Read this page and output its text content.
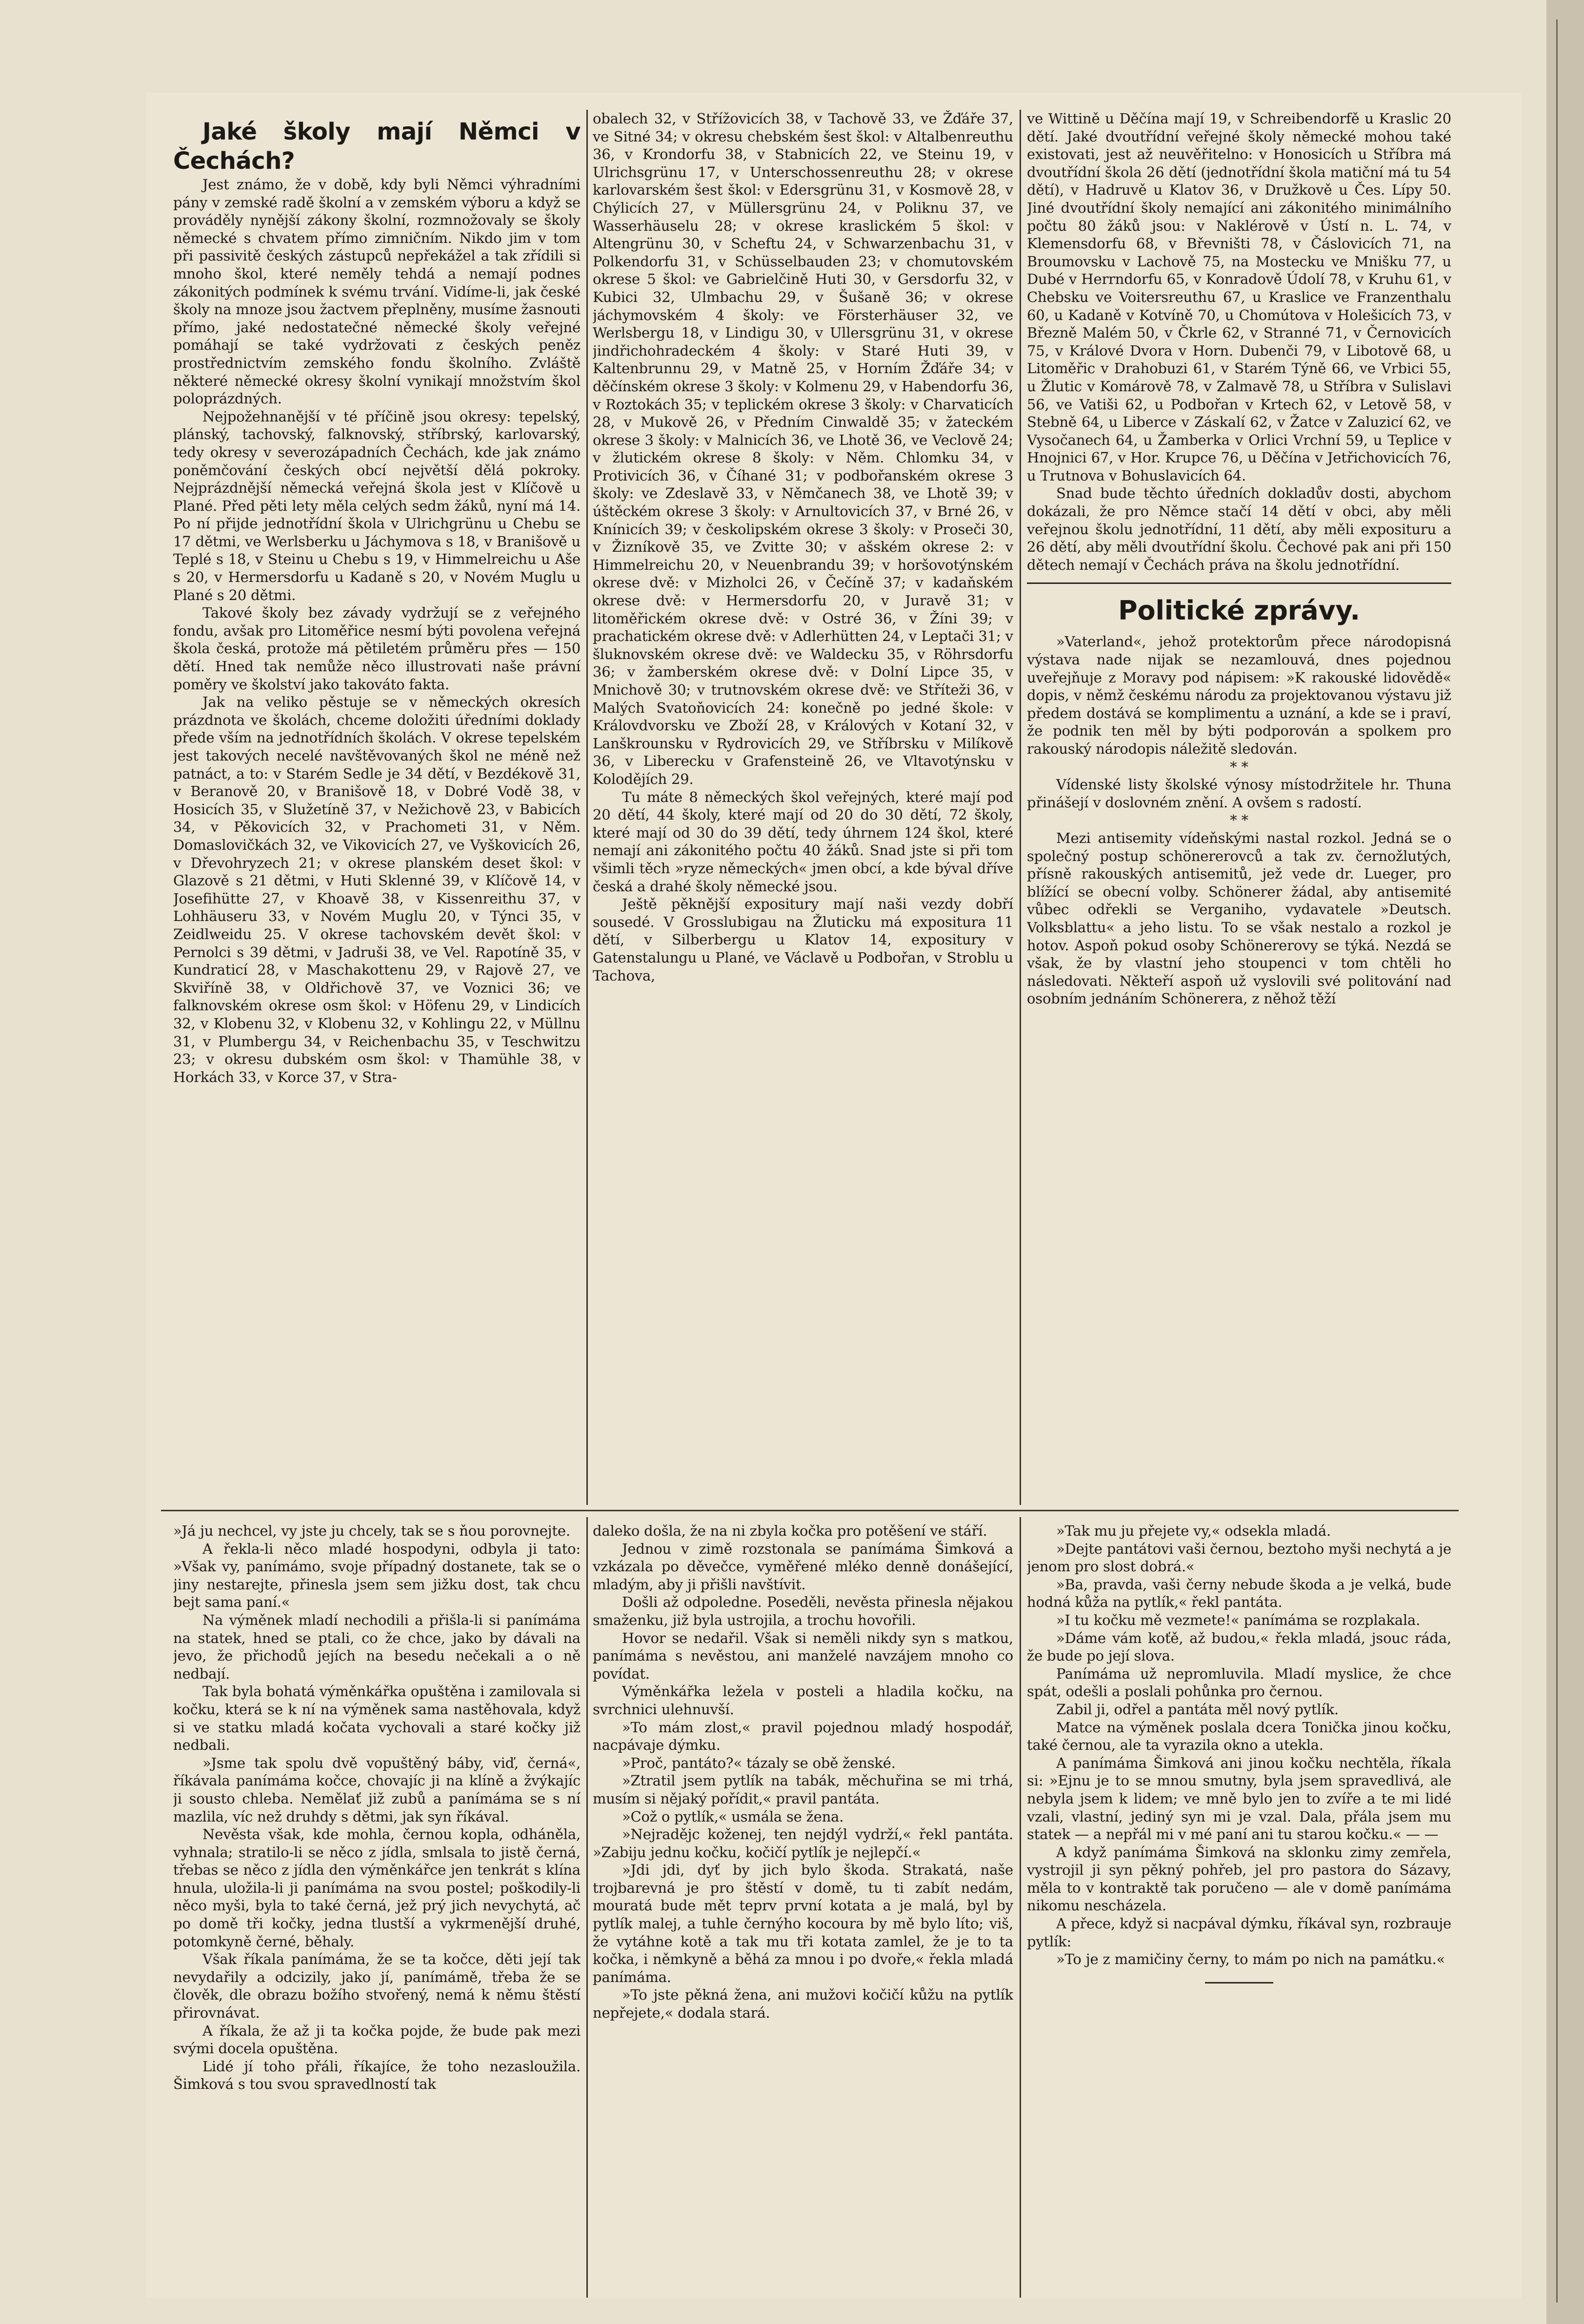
Jaké školy mají Němci v Čechách?

Jest známo, že v době, kdy byli Němci výhradními pány v zemské radě školní a v zemském výboru a když se prováděly nynější zákony školní, rozmnožovaly se školy německé s chvatem přímo zimničním. Nikdo jim v tom při passivitě českých zástupců nepřekážel a tak zřídili si mnoho škol, které neměly tehdá a nemají podnes zákonitých podmínek k svému trvání. Vidíme-li, jak české školy na mnoze jsou žactvem přeplněny, musíme žasnouti přímo, jaké nedostatečné německé školy veřejné pomáhají se také vydržovati z českých peněz prostřednictvím zemského fondu školního. Zvláště některé německé okresy školní vynikají množstvím škol poloprázdných.

Nejpožehnanější v té příčině jsou okresy: tepelský, plánský, tachovský, falknovský, stříbrský, karlovarský, tedy okresy v severozápadních Čechách, kde jak známo poněmčování českých obcí největší dělá pokroky. Nejprázdnější německá veřejná škola jest v Klíčově u Plané. Před pěti lety měla celých sedm žáků, nyní má 14. Po ní přijde jednotřídní škola v Ulrichgrünu u Chebu se 17 dětmi, ve Werlsberku u Jáchymova s 18, v Branišově u Teplé s 18, v Steinu u Chebu s 19, v Himmelreichu u Aše s 20, v Hermersdorfu u Kadaně s 20, v Novém Muglu u Plané s 20 dětmi.

Takové školy bez závady vydržují se z veřejného fondu, avšak pro Litoměřice nesmí býti povolena veřejná škola česká, protože má pětiletém průměru přes — 150 dětí. Hned tak nemůže něco illustrovati naše právní poměry ve školství jako takováto fakta.

Jak na veliko pěstuje se v německých okresích prázdnota ve školách, chceme doložiti úředními doklady přede vším na jednotřídních školách. V okrese tepelském jest takových necelé navštěvovaných škol ne méně než patnáct, a to: v Starém Sedle je 34 dětí, v Bezdékově 31, v Beranově 20, v Branišově 18, v Dobré Vodě 38, v Hosicích 35, v Služetíně 37, v Nežichově 23, v Babicích 34, v Pěkovicích 32, v Prachometi 31, v Něm. Domaslovičkách 32, ve Vikovicích 27, ve Vyškovicích 26, v Dřevohryzech 21; v okrese planském deset škol: v Glazově s 21 dětmi, v Huti Sklenné 39, v Klíčově 14, v Josefihütte 27, v Khoavě 38, v Kissenreithu 37, v Lohhäuseru 33, v Novém Muglu 20, v Týnci 35, v Zeidlweidu 25. V okrese tachovském devět škol: v Pernolci s 39 dětmi, v Jadruši 38, ve Vel. Rapotíně 35, v Kundraticí 28, v Maschakottenu 29, v Rajově 27, ve Skviříně 38, v Oldřichově 37, ve Voznici 36; ve falknovském okrese osm škol: v Höfenu 29, v Lindicích 32, v Klobenu 32, v Klobenu 32, v Kohlingu 22, v Müllnu 31, v Plumbergu 34, v Reichenbachu 35, v Teschwitzu 23; v okresu dubském osm škol: v Thamühle 38, v Horkách 33, v Korce 37, v Stra-

obalech 32, v Střížovicích 38, v Tachově 33, ve Žďáře 37, ve Sitné 34; v okresu chebském šest škol: v Altalbenreuthu 36, v Krondorfu 38, v Stabnicích 22, ve Steinu 19, v Ulrichsgrünu 17, v Unterschossenreuthu 28; v okrese karlovarském šest škol: v Edersgrünu 31, v Kosmově 28, v Chýlicích 27, v Müllersgrünu 24, v Poliknu 37, ve Wasserhäuselu 28; v okrese kraslickém 5 škol: v Altengrünu 30, v Scheftu 24, v Schwarzenbachu 31, v Polkendorfu 31, v Schüsselbauden 23; v chomutovském okrese 5 škol: ve Gabrielčině Huti 30, v Gersdorfu 32, v Kubici 32, Ulmbachu 29, v Šušaně 36; v okrese jáchymovském 4 školy: ve Försterhäuser 32, ve Werlsbergu 18, v Lindigu 30, v Ullersgrünu 31, v okrese jindřichohradeckém 4 školy: v Staré Huti 39, v Kaltenbrunnu 29, v Matně 25, v Horním Žďáře 34; v děčínském okrese 3 školy: v Kolmenu 29, v Habendorfu 36, v Roztokách 35; v teplickém okrese 3 školy: v Charvaticích 28, v Mukově 26, v Předním Cinwaldě 35; v žateckém okrese 3 školy: v Malnicích 36, ve Lhotě 36, ve Veclově 24; v žlutickém okrese 8 školy: v Něm. Chlomku 34, v Protivicích 36, v Číhané 31; v podbořanském okrese 3 školy: ve Zdeslavě 33, v Němčanech 38, ve Lhotě 39; v úštěckém okrese 3 školy: v Arnultovicích 37, v Brné 26, v Knínicích 39; v českolipském okrese 3 školy: v Proseči 30, v Žizníkově 35, ve Zvitte 30; v ašském okrese 2: v Himmelreichu 20, v Neuenbrandu 39; v horšovotýnském okrese dvě: v Mizholci 26, v Čečíně 37; v kadaňském okrese dvě: v Hermersdorfu 20, v Juravě 31; v litoměřickém okrese dvě: v Ostré 36, v Žíni 39; v prachatickém okrese dvě: v Adlerhütten 24, v Leptači 31; v šluknovském okrese dvě: ve Waldecku 35, v Röhrsdorfu 36; v žamberském okrese dvě: v Dolní Lipce 35, v Mnichově 30; v trutnovském okrese dvě: ve Stříteži 36, v Malých Svatoňovicích 24: konečně po jedné škole: v Královdvorsku ve Zboží 28, v Králových v Kotaní 32, v Lanškrounsku v Rydrovicích 29, ve Stříbrsku v Milíkově 36, v Liberecku v Grafensteině 26, ve Vltavotýnsku v Kolodějích 29.

Tu máte 8 německých škol veřejných, které mají pod 20 dětí, 44 školy, které mají od 20 do 30 dětí, 72 školy, které mají od 30 do 39 dětí, tedy úhrnem 124 škol, které nemají ani zákonitého počtu 40 žáků. Snad jste si při tom všimli těch »ryze německých« jmen obcí, a kde býval dříve česká a drahé školy německé jsou.

Ještě pěknější expositury mají naši vezdy dobří sousedé. V Grosslubigau na Žluticku má expositura 11 dětí, v Silberbergu u Klatov 14, expositury v Gatenstalungu u Plané, ve Václavě u Podbořan, v Stroblu u Tachova,

ve Wittině u Děčína mají 19, v Schreibendorfě u Kraslic 20 dětí. Jaké dvoutřídní veřejné školy německé mohou také existovati, jest až neuvěřitelno: v Honosicích u Stříbra má dvoutřídní škola 26 dětí (jednotřídní škola matiční má tu 54 dětí), v Hadruvě u Klatov 36, v Družkově u Čes. Lípy 50. Jiné dvoutřídní školy nemající ani zákonitého minimálního počtu 80 žáků jsou: v Naklérově v Ústí n. L. 74, v Klemensdorfu 68, v Břevništi 78, v Čáslovicích 71, na Broumovsku v Lachově 75, na Mostecku ve Mnišku 77, u Dubé v Herrndorfu 65, v Konradově Údolí 78, v Kruhu 61, v Chebsku ve Voitersreuthu 67, u Kraslice ve Franzenthalu 60, u Kadaně v Kotvíně 70, u Chomútova v Holešicích 73, v Březně Malém 50, v Čkrle 62, v Stranné 71, v Černovicích 75, v Králové Dvora v Horn. Dubenči 79, v Libotově 68, u Litoměřic v Drahobuzi 61, v Starém Týně 66, ve Vrbici 55, u Žlutic v Komárově 78, v Zalmavě 78, u Stříbra v Sulislavi 56, ve Vatiši 62, u Podbořan v Krtech 62, v Letově 58, v Stebně 64, u Liberce v Záskalí 62, v Žatce v Zaluzicí 62, ve Vysočanech 64, u Žamberka v Orlici Vrchní 59, u Teplice v Hnojnici 67, v Hor. Krupce 76, u Děčína v Jetřichovicích 76, u Trutnova v Bohuslavicích 64.

Snad bude těchto úředních dokladův dosti, abychom dokázali, že pro Němce stačí 14 dětí v obci, aby měli veřejnou školu jednotřídní, 11 dětí, aby měli exposituru a 26 dětí, aby měli dvoutřídní školu. Čechové pak ani při 150 dětech nemají v Čechách práva na školu jednotřídní.

Politické zprávy.

»Vaterland«, jehož protektorům přece národopisná výstava nade nijak se nezamlouvá, dnes pojednou uveřejňuje z Moravy pod nápisem: »K rakouské lidovědě« dopis, v němž českému národu za projektovanou výstavu již předem dostává se komplimentu a uznání, a kde se i praví, že podnik ten měl by býti podporován a spolkem pro rakouský národopis náležitě sledován.

* *

Vídenské listy školské výnosy místodržitele hr. Thuna přinášejí v doslovném znění. A ovšem s radostí.

* *

Mezi antisemity vídeňskými nastal rozkol. Jedná se o společný postup schönererovců a tak zv. černožlutých, přísně rakouských antisemitů, jež vede dr. Lueger, pro blížící se obecní volby. Schönerer žádal, aby antisemité vůbec odřekli se Verganiho, vydavatele »Deutsch. Volksblattu« a jeho listu. To se však nestalo a rozkol je hotov. Aspoň pokud osoby Schönererovy se týká. Nezdá se však, že by vlastní jeho stoupenci v tom chtěli ho následovati. Někteří aspoň už vyslovili své politování nad osobním jednáním Schönerera, z něhož těží

»Já ju nechcel, vy jste ju chcely, tak se s ňou porovnejte.

A řekla-li něco mladé hospodyni, odbyla ji tato: »Však vy, panímámo, svoje případný dostanete, tak se o jiny nestarejte, přinesla jsem sem jižku dost, tak chcu bejt sama paní.«

Na výměnek mladí nechodili a přišla-li si panímáma na statek, hned se ptali, co že chce, jako by dávali na jevo, že přichodů jejích na besedu nečekali a o ně nedbají.

Tak byla bohatá výměnkářka opuštěna i zamilovala si kočku, která se k ní na výměnek sama nastěhovala, když si ve statku mladá kočata vychovali a staré kočky již nedbali.

»Jsme tak spolu dvě vopuštěný báby, viď, černá«, říkávala panímáma kočce, chovajíc ji na klíně a žvýkajíc ji sousto chleba. Nemělať již zubů a panímáma se s ní mazlila, víc než druhdy s dětmi, jak syn říkával.

Nevěsta však, kde mohla, černou kopla, odháněla, vyhnala; stratilo-li se něco z jídla, smlsala to jistě černá, třebas se něco z jídla den výměnkářce jen tenkrát s klína hnula, uložila-li ji panímáma na svou postel; poškodily-li něco myši, byla to také černá, jež prý jich nevychytá, ač po domě tři kočky, jedna tlustší a vykrmenější druhé, potomkyně černé, běhaly.

Však říkala panímáma, že se ta kočce, děti její tak nevydařily a odcizily, jako jí, panímámě, třeba že se člověk, dle obrazu božího stvořený, nemá k němu štěstí přirovnávat.

A říkala, že až ji ta kočka pojde, že bude pak mezi svými docela opuštěna.

Lidé jí toho přáli, říkajíce, že toho nezasloužila. Šimková s tou svou spravedlností tak

daleko došla, že na ni zbyla kočka pro potěšení ve stáří.

Jednou v zimě rozstonala se panímáma Šimková a vzkázala po děvečce, vyměřené mléko denně donášející, mladým, aby ji přišli navštívit.

Došli až odpoledne. Poseděli, nevěsta přinesla nějakou smaženku, již byla ustrojila, a trochu hovořili.

Hovor se nedařil. Však si neměli nikdy syn s matkou, panímáma s nevěstou, ani manželé navzájem mnoho co povídat.

Výměnkářka ležela v posteli a hladila kočku, na svrchnici ulehnuvší.

»To mám zlost,« pravil pojednou mladý hospodář, nacpávaje dýmku.

»Proč, pantáto?« tázaly se obě ženské.

»Ztratil jsem pytlík na tabák, měchuřina se mi trhá, musím si nějaký pořídit,« pravil pantáta.

»Což o pytlík,« usmála se žena.

»Nejradějc koženej, ten nejdýl vydrží,« řekl pantáta. »Zabiju jednu kočku, kočičí pytlík je nejlepčí.«

»Jdi jdi, dyť by jich bylo škoda. Strakatá, naše trojbarevná je pro štěstí v domě, tu ti zabít nedám, mouratá bude mět teprv první kotata a je malá, byl by pytlík malej, a tuhle černýho kocoura by mě bylo líto; viš, že vytáhne kotě a tak mu tři kotata zamlel, že je to ta kočka, i němkyně a běhá za mnou i po dvoře,« řekla mladá panímáma.

»To jste pěkná žena, ani mužovi kočičí kůžu na pytlík nepřejete,« dodala stará.

»Tak mu ju přejete vy,« odsekla mladá.

»Dejte pantátovi vaši černou, beztoho myši nechytá a je jenom pro slost dobrá.«

»Ba, pravda, vaši černy nebude škoda a je velká, bude hodná kůža na pytlík,« řekl pantáta.

»I tu kočku mě vezmete!« panímáma se rozplakala.

»Dáme vám koťě, až budou,« řekla mladá, jsouc ráda, že bude po její slova.

Panímáma už nepromluvila. Mladí myslice, že chce spát, odešli a poslali pohůnka pro černou.

Zabil ji, odřel a pantáta měl nový pytlík.

Matce na výměnek poslala dcera Tonička jinou kočku, také černou, ale ta vyrazila okno a utekla.

A panímáma Šimková ani jinou kočku nechtěla, říkala si: »Ejnu je to se mnou smutny, byla jsem spravedlivá, ale nebyla jsem k lidem; ve mně bylo jen to zvíře a te mi lidé vzali, vlastní, jediný syn mi je vzal. Dala, přála jsem mu statek — a nepřál mi v mé paní ani tu starou kočku.« — —

A když panímáma Šimková na sklonku zimy zemřela, vystrojil ji syn pěkný pohřeb, jel pro pastora do Sázavy, měla to v kontraktě tak poručeno — ale v domě panímáma nikomu nescházela.

A přece, když si nacpával dýmku, říkával syn, rozbrauje pytlík:

»To je z mamičiny černy, to mám po nich na památku.«
